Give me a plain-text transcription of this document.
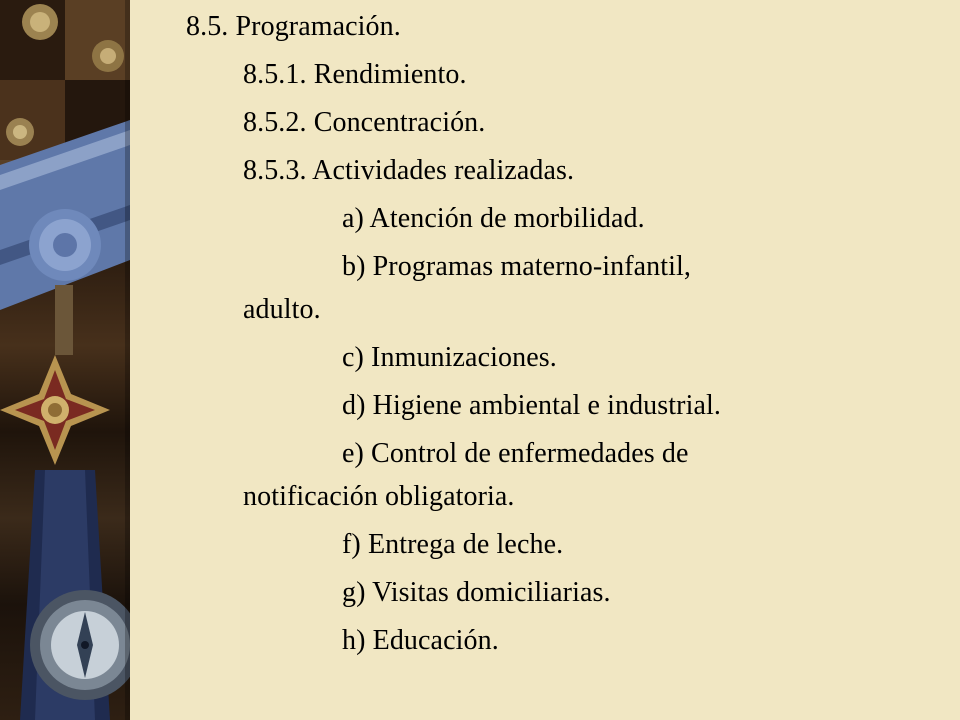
8.5. Programación.
8.5.1. Rendimiento.
8.5.2. Concentración.
8.5.3. Actividades realizadas.
a) Atención de morbilidad.
b) Programas materno-infantil,
adulto.
c) Inmunizaciones.
d) Higiene ambiental e industrial.
e) Control de enfermedades de
notificación obligatoria.
f) Entrega de leche.
g) Visitas domiciliarias.
h) Educación.
